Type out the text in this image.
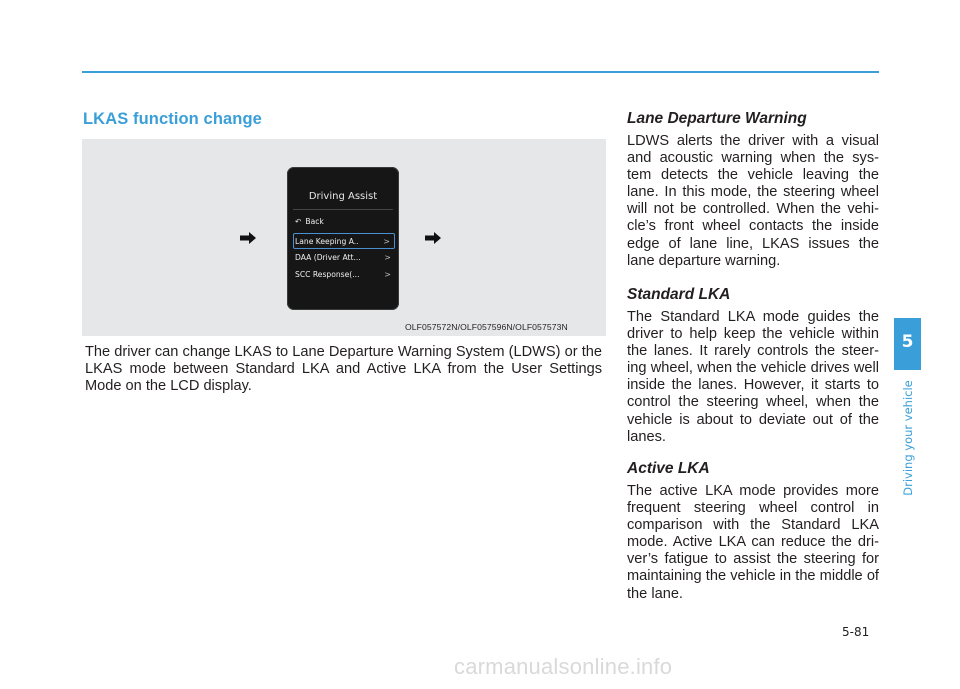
LKAS function change
Driving Assist
↶ Back
Lane Keeping A..	>
DAA (Driver Att...	>
SCC Response(...	>
OLF057572N/OLF057596N/OLF057573N

The driver can change LKAS to Lane Departure Warning System (LDWS) or the LKAS mode between Standard LKA and Active LKA from the User Settings Mode on the LCD display.

Lane Departure Warning

LDWS alerts the driver with a visual and acoustic warning when the sys-tem detects the vehicle leaving the lane. In this mode, the steering wheel will not be controlled. When the vehi-cle’s front wheel contacts the inside edge of lane line, LKAS issues the lane departure warning.

Standard LKA

The Standard LKA mode guides the driver to help keep the vehicle within the lanes. It rarely controls the steer-ing wheel, when the vehicle drives well inside the lanes. However, it starts to control the steering wheel, when the vehicle is about to deviate out of the lanes.

Active LKA

The active LKA mode provides more frequent steering wheel control in comparison with the Standard LKA mode. Active LKA can reduce the dri-ver’s fatigue to assist the steering for maintaining the vehicle in the middle of the lane.

5
Driving your vehicle
5-81
carmanualsonline.info
